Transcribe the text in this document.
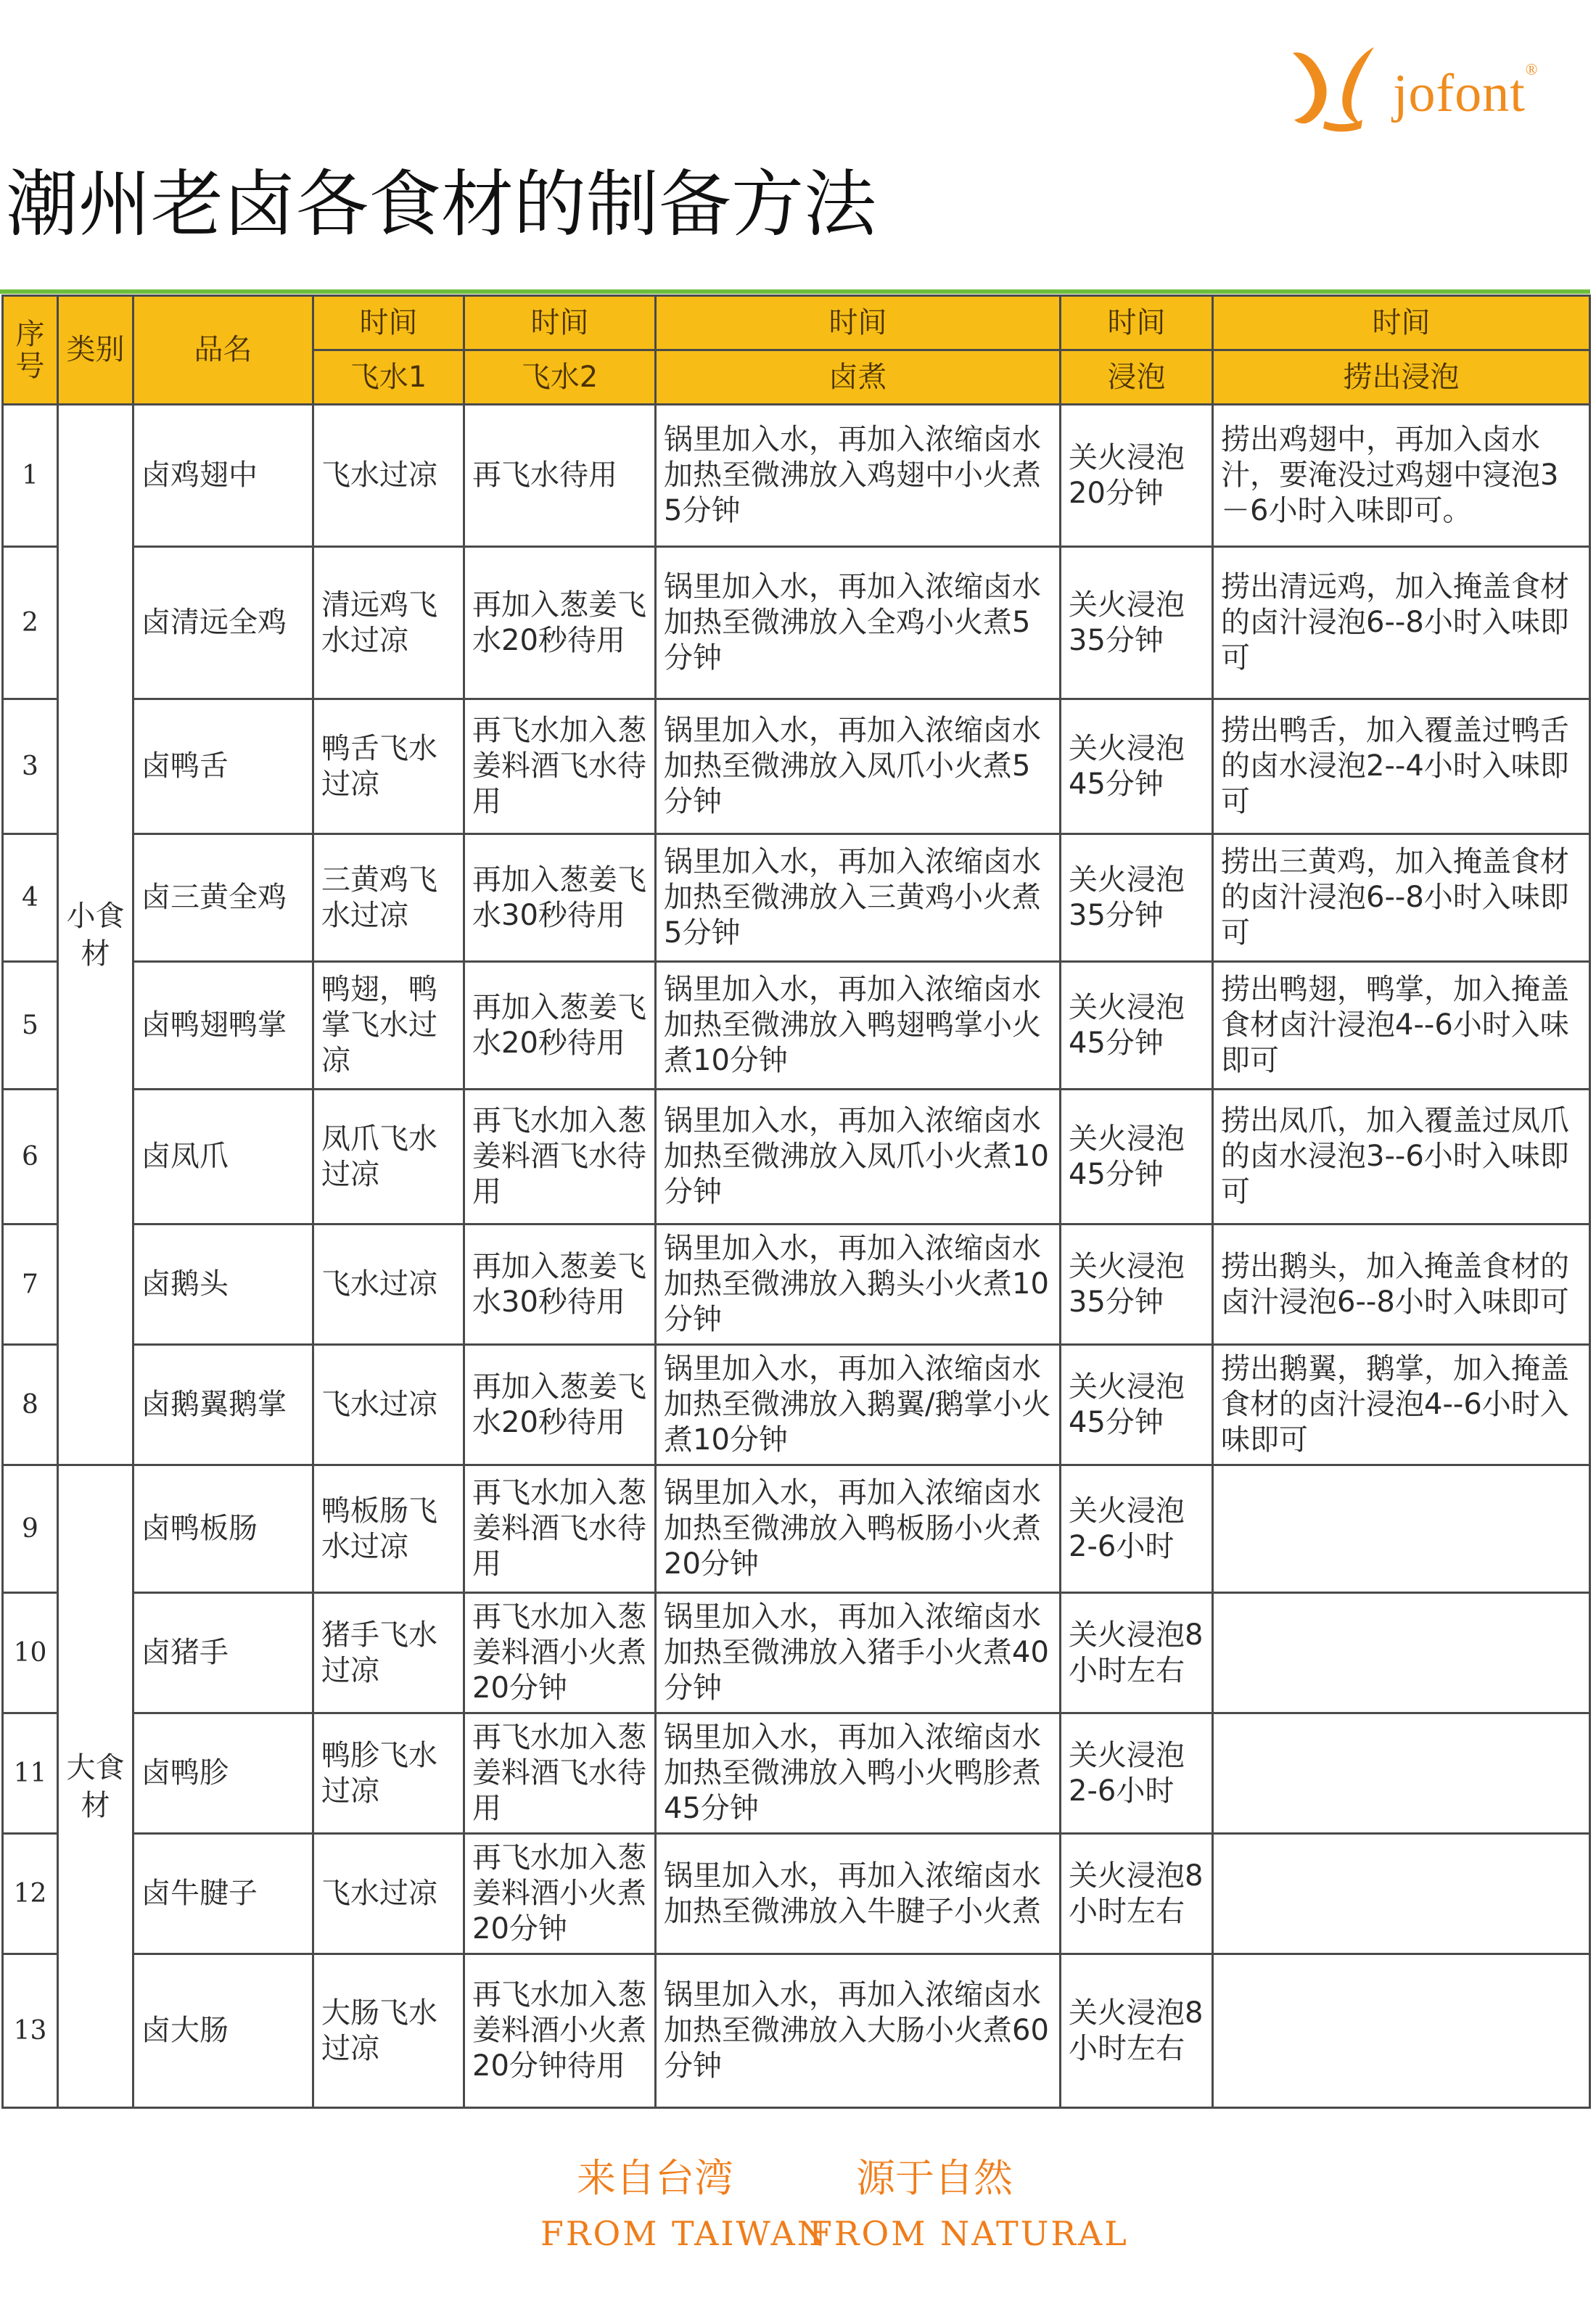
jofont®
潮州老卤各食材的制备方法
序号	类别	品名	时间	时间	时间	时间	时间
			飞水1	飞水2	卤煮	浸泡	捞出浸泡
1	小食材	卤鸡翅中	飞水过凉	再飞水待用	锅里加入水，再加入浓缩卤水加热至微沸放入鸡翅中小火煮5分钟	关火浸泡20分钟	捞出鸡翅中，再加入卤水汁，要淹没过鸡翅中寖泡3－6小时入味即可。
2		卤清远全鸡	清远鸡飞水过凉	再加入葱姜飞水20秒待用	锅里加入水，再加入浓缩卤水加热至微沸放入全鸡小火煮5分钟	关火浸泡35分钟	捞出清远鸡，加入掩盖食材的卤汁浸泡6--8小时入味即可
3		卤鸭舌	鸭舌飞水过凉	再飞水加入葱姜料酒飞水待用	锅里加入水，再加入浓缩卤水加热至微沸放入凤爪小火煮5分钟	关火浸泡45分钟	捞出鸭舌，加入覆盖过鸭舌的卤水浸泡2--4小时入味即可
4		卤三黄全鸡	三黄鸡飞水过凉	再加入葱姜飞水30秒待用	锅里加入水，再加入浓缩卤水加热至微沸放入三黄鸡小火煮5分钟	关火浸泡35分钟	捞出三黄鸡，加入掩盖食材的卤汁浸泡6--8小时入味即可
5		卤鸭翅鸭掌	鸭翅，鸭掌飞水过凉	再加入葱姜飞水20秒待用	锅里加入水，再加入浓缩卤水加热至微沸放入鸭翅鸭掌小火煮10分钟	关火浸泡45分钟	捞出鸭翅，鸭掌，加入掩盖食材卤汁浸泡4--6小时入味即可
6		卤凤爪	凤爪飞水过凉	再飞水加入葱姜料酒飞水待用	锅里加入水，再加入浓缩卤水加热至微沸放入凤爪小火煮10分钟	关火浸泡45分钟	捞出凤爪，加入覆盖过凤爪的卤水浸泡3--6小时入味即可
7		卤鹅头	飞水过凉	再加入葱姜飞水30秒待用	锅里加入水，再加入浓缩卤水加热至微沸放入鹅头小火煮10分钟	关火浸泡35分钟	捞出鹅头，加入掩盖食材的卤汁浸泡6--8小时入味即可
8		卤鹅翼鹅掌	飞水过凉	再加入葱姜飞水20秒待用	锅里加入水，再加入浓缩卤水加热至微沸放入鹅翼/鹅掌小火煮10分钟	关火浸泡45分钟	捞出鹅翼，鹅掌，加入掩盖食材的卤汁浸泡4--6小时入味即可
9	大食材	卤鸭板肠	鸭板肠飞水过凉	再飞水加入葱姜料酒飞水待用	锅里加入水，再加入浓缩卤水加热至微沸放入鸭板肠小火煮20分钟	关火浸泡2-6小时	
10		卤猪手	猪手飞水过凉	再飞水加入葱姜料酒小火煮20分钟	锅里加入水，再加入浓缩卤水加热至微沸放入猪手小火煮40分钟	关火浸泡8小时左右	
11		卤鸭胗	鸭胗飞水过凉	再飞水加入葱姜料酒飞水待用	锅里加入水，再加入浓缩卤水加热至微沸放入鸭小火鸭胗煮45分钟	关火浸泡2-6小时	
12		卤牛腱子	飞水过凉	再飞水加入葱姜料酒小火煮20分钟	锅里加入水，再加入浓缩卤水加热至微沸放入牛腱子小火煮	关火浸泡8小时左右	
13		卤大肠	大肠飞水过凉	再飞水加入葱姜料酒小火煮20分钟待用	锅里加入水，再加入浓缩卤水加热至微沸放入大肠小火煮60分钟	关火浸泡8小时左右	
来自台湾	源于自然
FROM TAIWAN
FROM NATURAL
